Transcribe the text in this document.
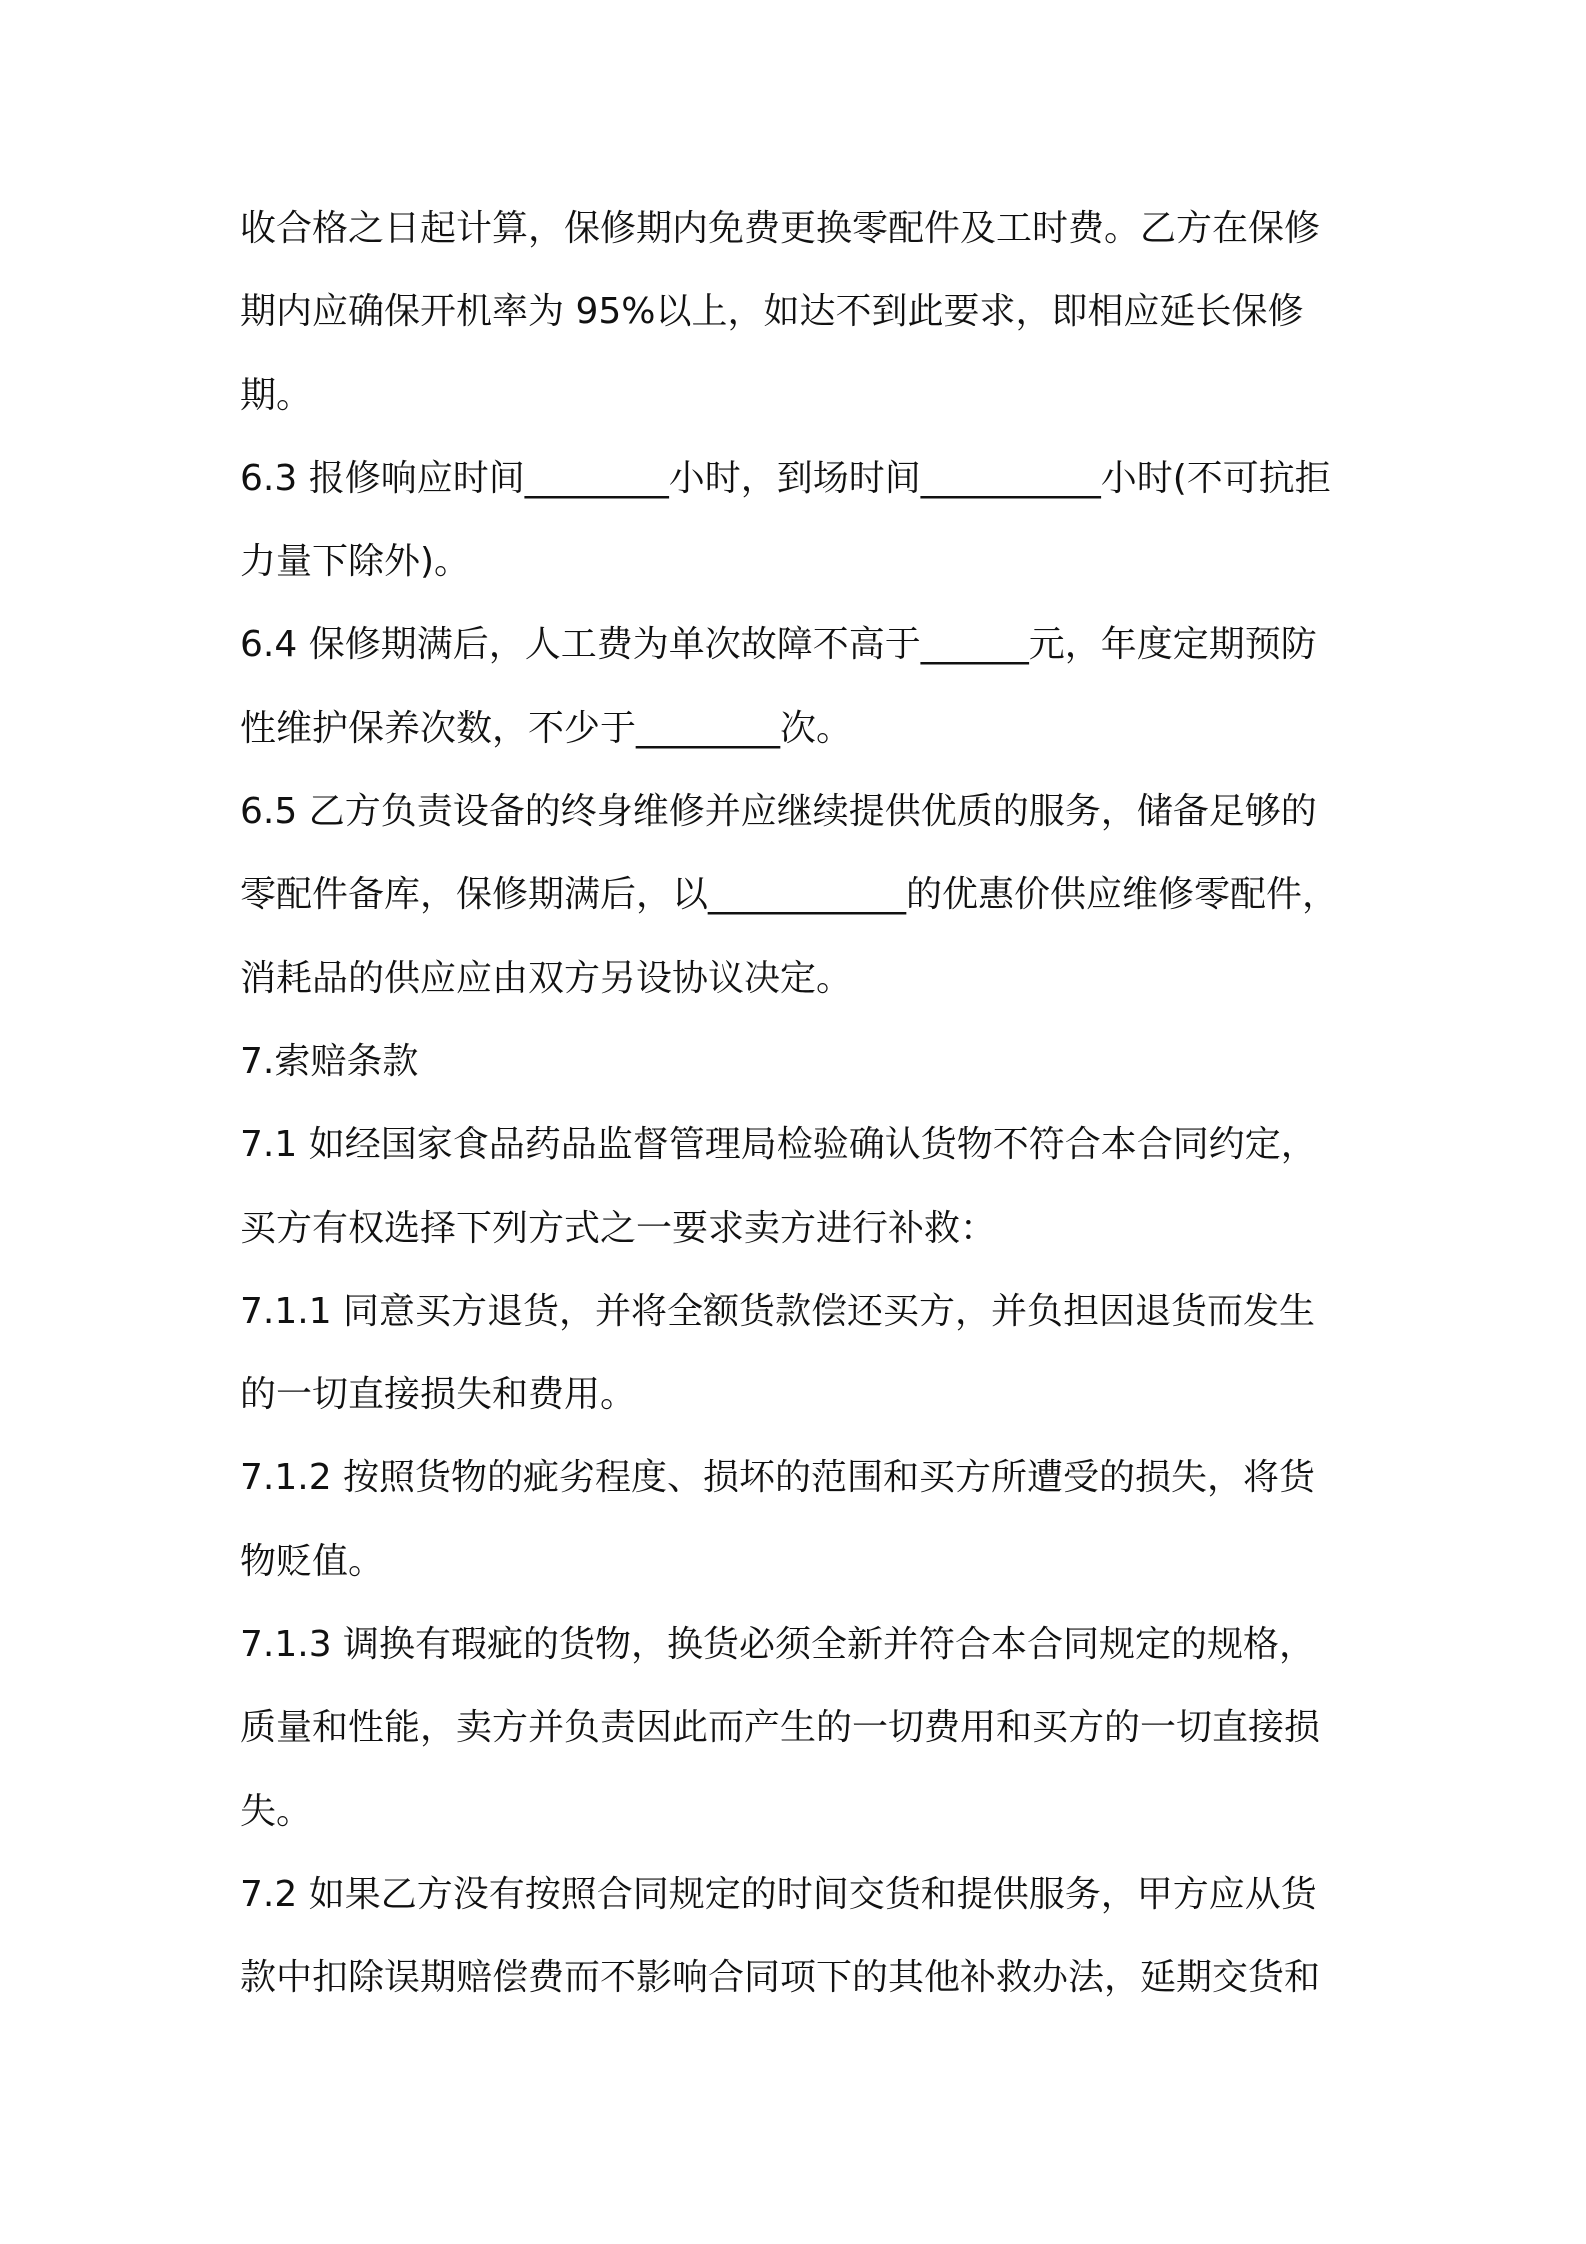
收合格之日起计算，保修期内免费更换零配件及工时费。乙方在保修
期内应确保开机率为 95%以上，如达不到此要求，即相应延长保修
期。
6.3 报修响应时间________小时，到场时间__________小时(不可抗拒
力量下除外)。
6.4 保修期满后，人工费为单次故障不高于______元，年度定期预防
性维护保养次数，不少于________次。
6.5 乙方负责设备的终身维修并应继续提供优质的服务，储备足够的
零配件备库，保修期满后，以___________的优惠价供应维修零配件，
消耗品的供应应由双方另设协议决定。
7.索赔条款
7.1 如经国家食品药品监督管理局检验确认货物不符合本合同约定，
买方有权选择下列方式之一要求卖方进行补救：
7.1.1 同意买方退货，并将全额货款偿还买方，并负担因退货而发生
的一切直接损失和费用。
7.1.2 按照货物的疵劣程度、损坏的范围和买方所遭受的损失，将货
物贬值。
7.1.3 调换有瑕疵的货物，换货必须全新并符合本合同规定的规格，
质量和性能，卖方并负责因此而产生的一切费用和买方的一切直接损
失。
7.2 如果乙方没有按照合同规定的时间交货和提供服务，甲方应从货
款中扣除误期赔偿费而不影响合同项下的其他补救办法，延期交货和
